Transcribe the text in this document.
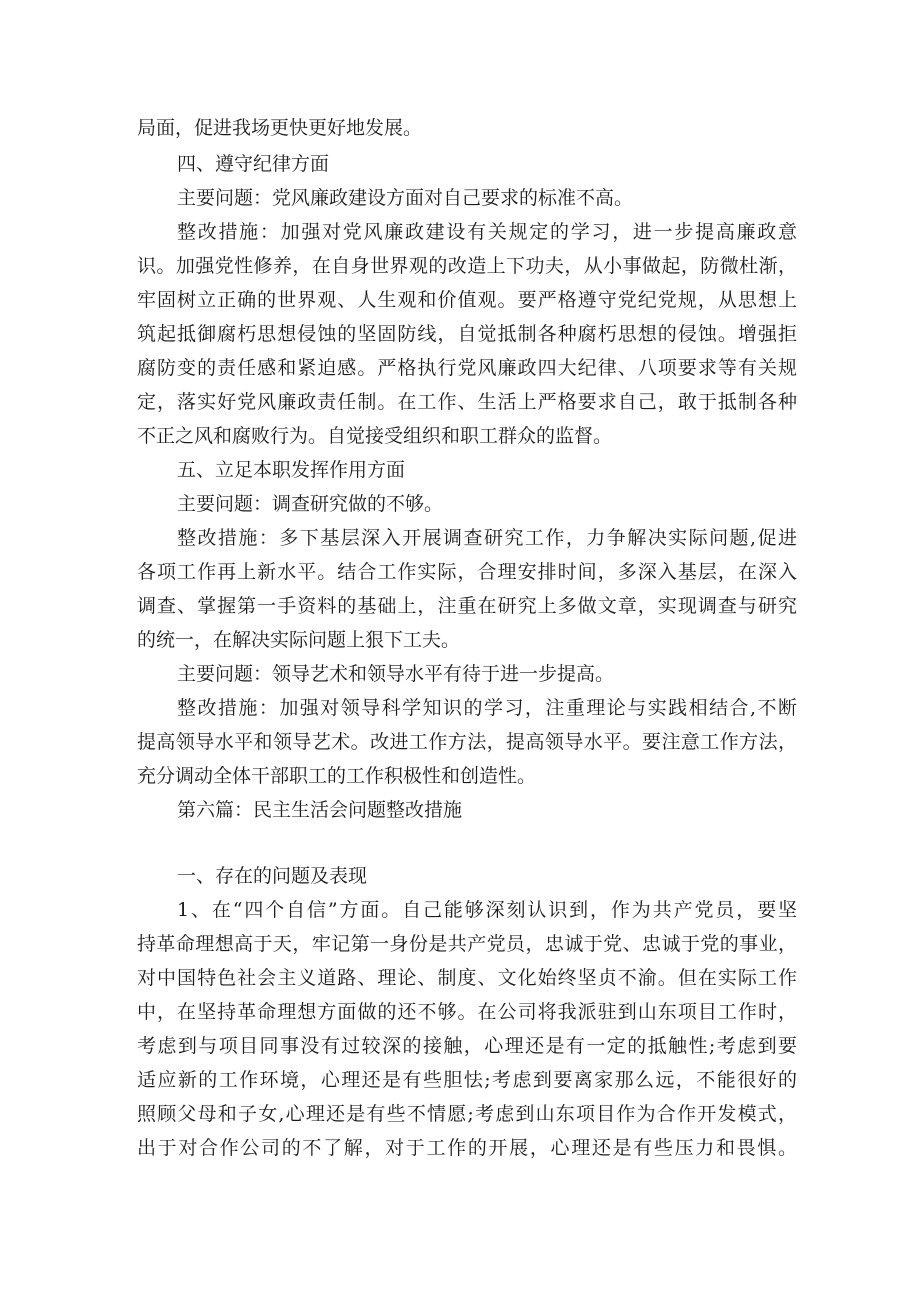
局面，促进我场更快更好地发展。

四、遵守纪律方面

主要问题：党风廉政建设方面对自己要求的标准不高。

整改措施：加强对党风廉政建设有关规定的学习，进一步提高廉政意

识。加强党性修养，在自身世界观的改造上下功夫，从小事做起，防微杜渐，

牢固树立正确的世界观、人生观和价值观。要严格遵守党纪党规，从思想上

筑起抵御腐朽思想侵蚀的坚固防线，自觉抵制各种腐朽思想的侵蚀。增强拒

腐防变的责任感和紧迫感。严格执行党风廉政四大纪律、八项要求等有关规

定，落实好党风廉政责任制。在工作、生活上严格要求自己，敢于抵制各种

不正之风和腐败行为。自觉接受组织和职工群众的监督。

五、立足本职发挥作用方面

主要问题：调查研究做的不够。

整改措施：多下基层深入开展调查研究工作，力争解决实际问题,促进

各项工作再上新水平。结合工作实际，合理安排时间，多深入基层，在深入

调查、掌握第一手资料的基础上，注重在研究上多做文章，实现调查与研究

的统一，在解决实际问题上狠下工夫。

主要问题：领导艺术和领导水平有待于进一步提高。

整改措施：加强对领导科学知识的学习，注重理论与实践相结合,不断

提高领导水平和领导艺术。改进工作方法，提高领导水平。要注意工作方法，

充分调动全体干部职工的工作积极性和创造性。

第六篇：民主生活会问题整改措施

一、存在的问题及表现

1、在“四个自信”方面。自己能够深刻认识到，作为共产党员，要坚

持革命理想高于天，牢记第一身份是共产党员，忠诚于党、忠诚于党的事业，

对中国特色社会主义道路、理论、制度、文化始终坚贞不渝。但在实际工作

中，在坚持革命理想方面做的还不够。在公司将我派驻到山东项目工作时，

考虑到与项目同事没有过较深的接触，心理还是有一定的抵触性;考虑到要

适应新的工作环境，心理还是有些胆怯;考虑到要离家那么远，不能很好的

照顾父母和子女,心理还是有些不情愿;考虑到山东项目作为合作开发模式，

出于对合作公司的不了解，对于工作的开展，心理还是有些压力和畏惧。
